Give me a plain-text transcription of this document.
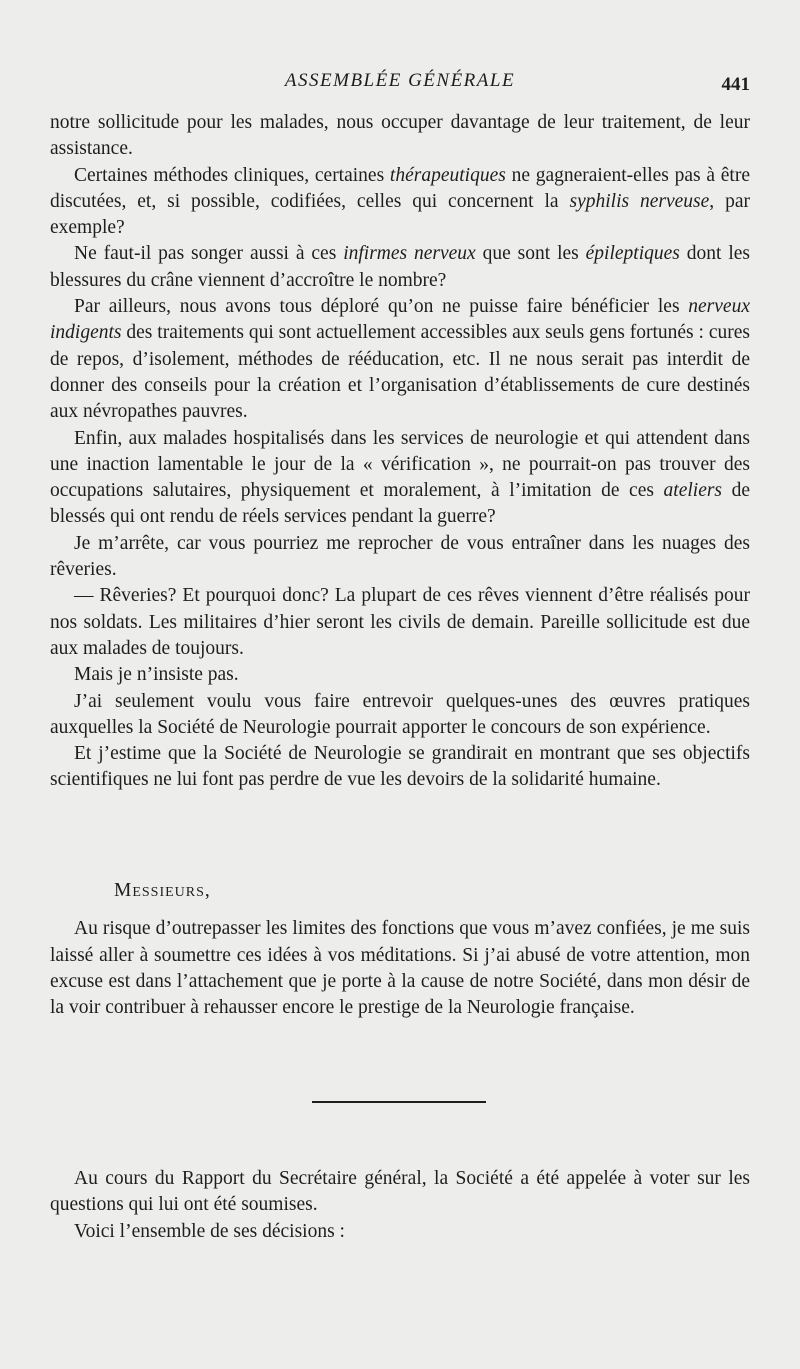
ASSEMBLÉE GÉNÉRALE	441

notre sollicitude pour les malades, nous occuper davantage de leur traitement, de leur assistance.

Certaines méthodes cliniques, certaines thérapeutiques ne gagneraient-elles pas à être discutées, et, si possible, codifiées, celles qui concernent la syphilis nerveuse, par exemple?

Ne faut-il pas songer aussi à ces infirmes nerveux que sont les épileptiques dont les blessures du crâne viennent d’accroître le nombre?

Par ailleurs, nous avons tous déploré qu’on ne puisse faire bénéficier les nerveux indigents des traitements qui sont actuellement accessibles aux seuls gens fortunés : cures de repos, d’isolement, méthodes de rééducation, etc. Il ne nous serait pas interdit de donner des conseils pour la création et l’organisation d’établissements de cure destinés aux névropathes pauvres.

Enfin, aux malades hospitalisés dans les services de neurologie et qui attendent dans une inaction lamentable le jour de la « vérification », ne pourrait-on pas trouver des occupations salutaires, physiquement et moralement, à l’imitation de ces ateliers de blessés qui ont rendu de réels services pendant la guerre?

Je m’arrête, car vous pourriez me reprocher de vous entraîner dans les nuages des rêveries.

— Rêveries? Et pourquoi donc? La plupart de ces rêves viennent d’être réalisés pour nos soldats. Les militaires d’hier seront les civils de demain. Pareille sollicitude est due aux malades de toujours.

Mais je n’insiste pas.

J’ai seulement voulu vous faire entrevoir quelques-unes des œuvres pratiques auxquelles la Société de Neurologie pourrait apporter le concours de son expérience.

Et j’estime que la Société de Neurologie se grandirait en montrant que ses objectifs scientifiques ne lui font pas perdre de vue les devoirs de la solidarité humaine.

Messieurs,

Au risque d’outrepasser les limites des fonctions que vous m’avez confiées, je me suis laissé aller à soumettre ces idées à vos méditations. Si j’ai abusé de votre attention, mon excuse est dans l’attachement que je porte à la cause de notre Société, dans mon désir de la voir contribuer à rehausser encore le prestige de la Neurologie française.

Au cours du Rapport du Secrétaire général, la Société a été appelée à voter sur les questions qui lui ont été soumises.

Voici l’ensemble de ses décisions :
